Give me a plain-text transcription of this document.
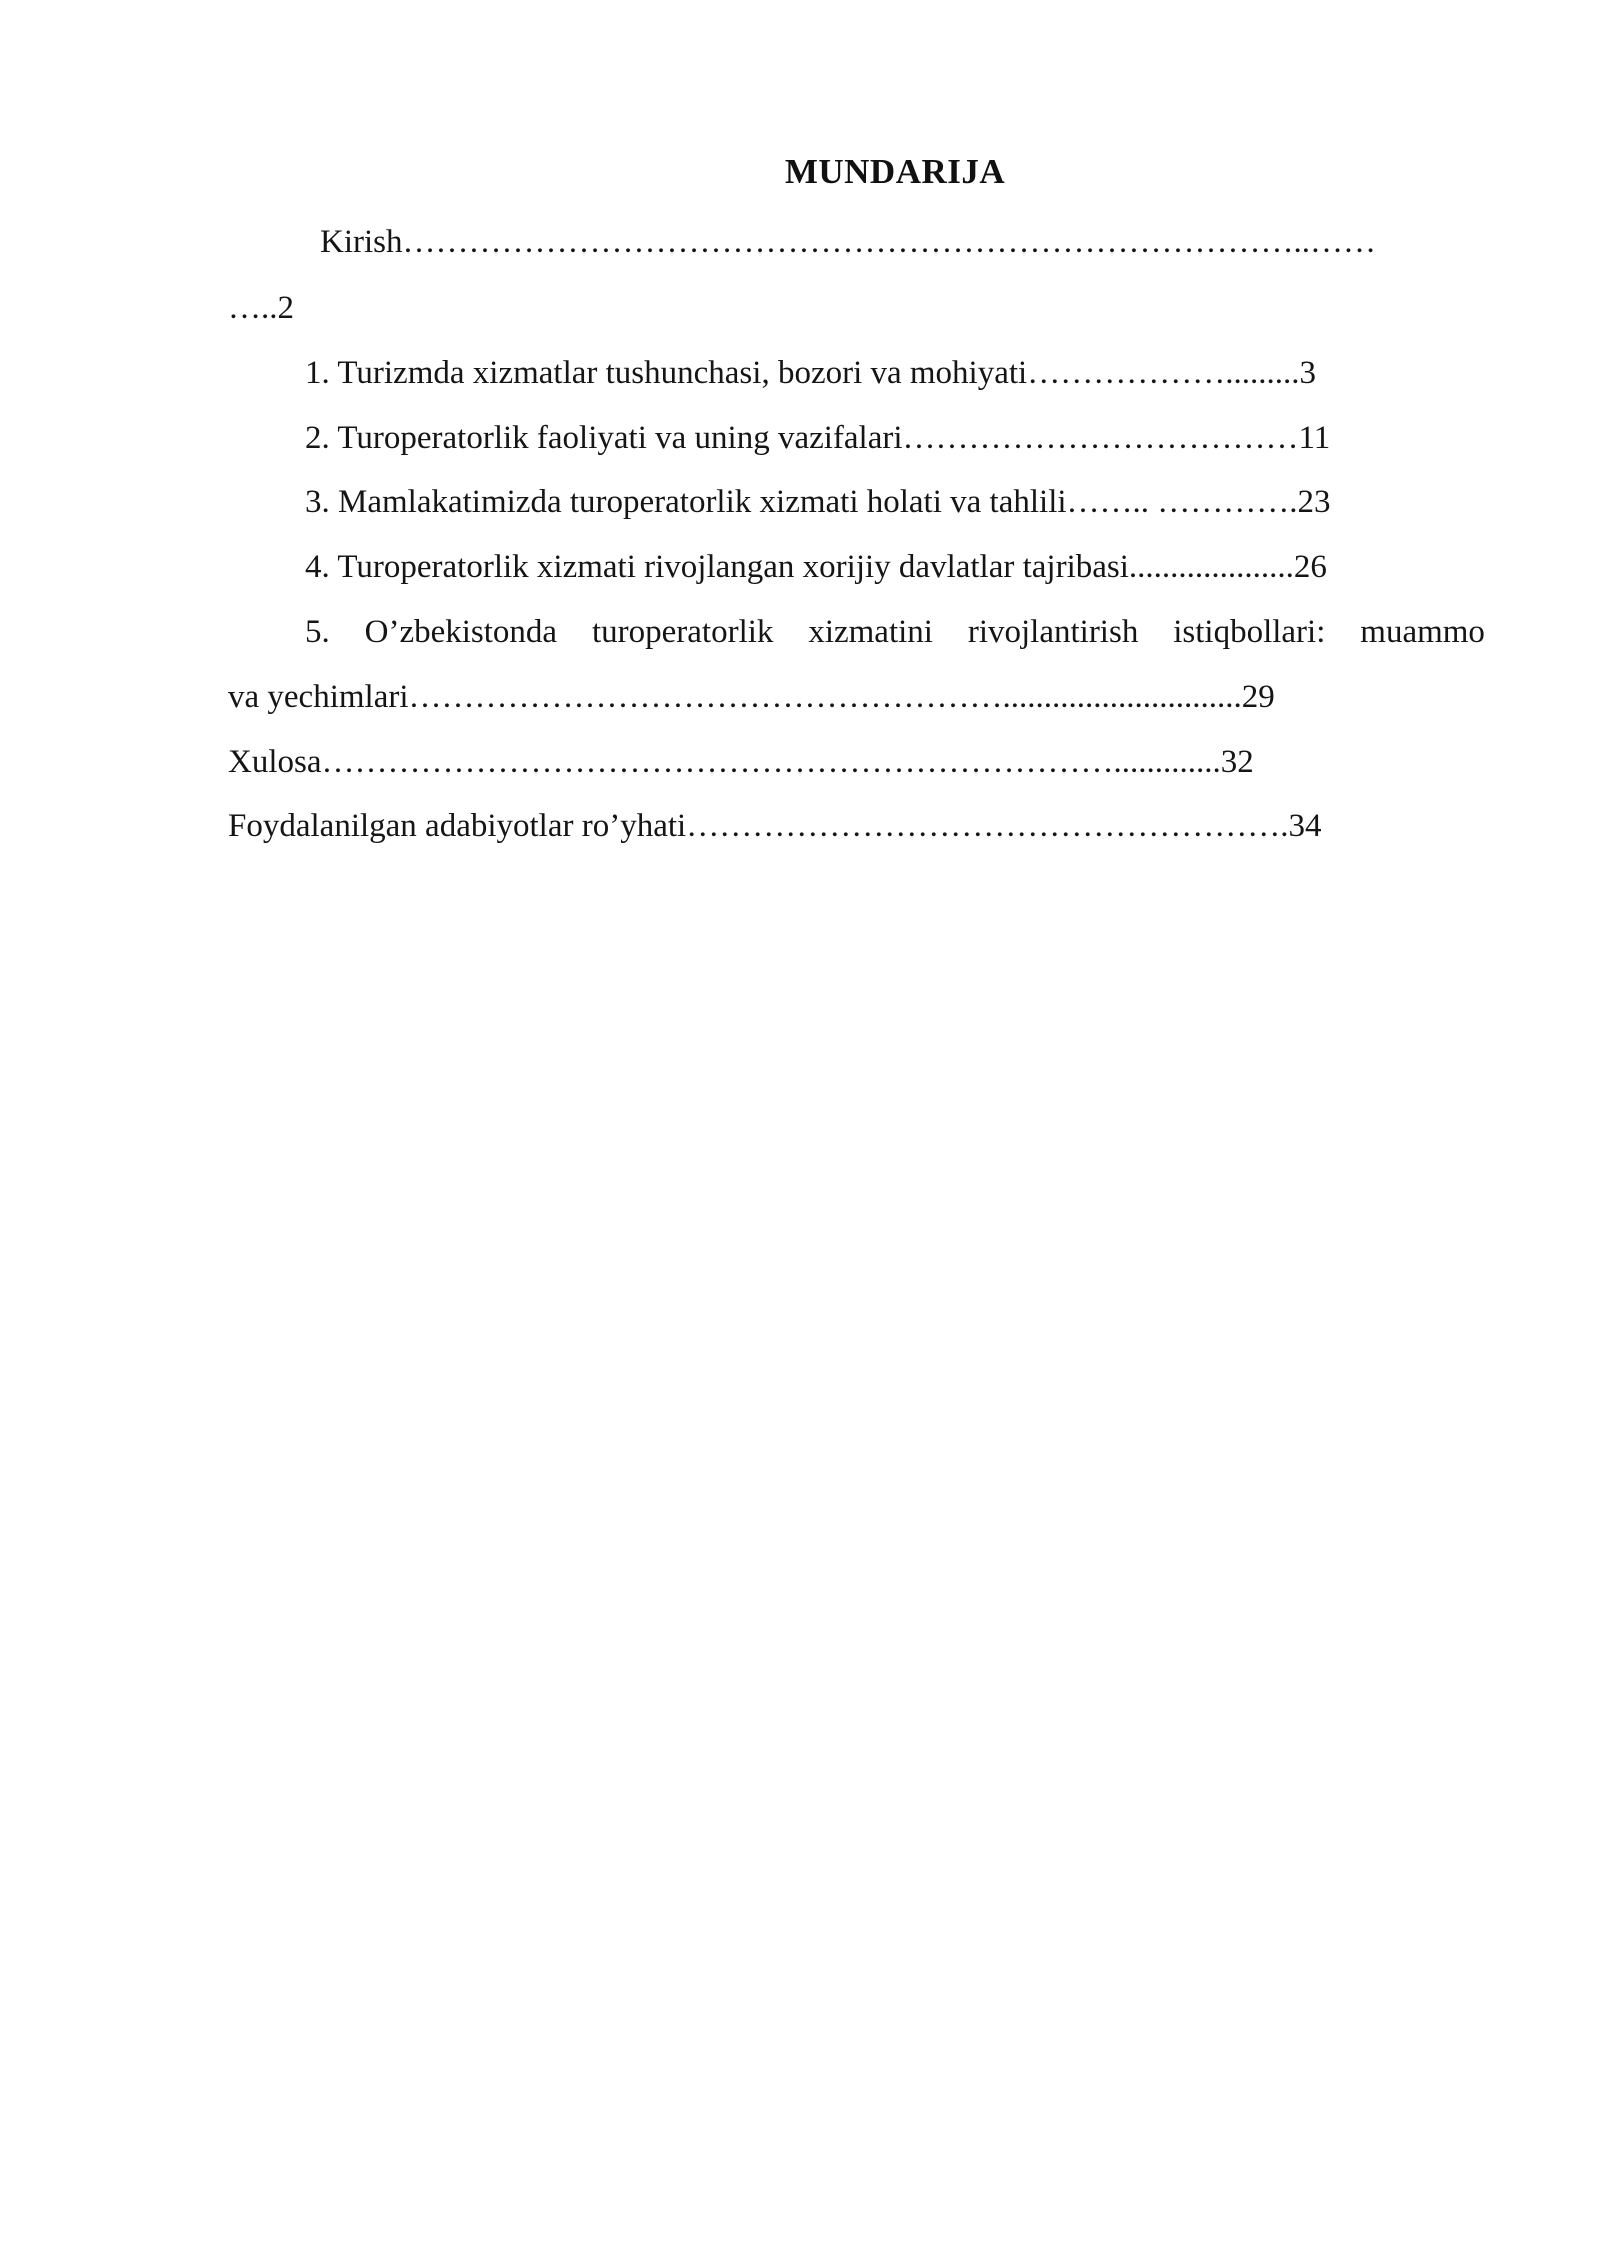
MUNDARIJA
Kirish………………………………………………………………………..……
…..2
1. Turizmda xizmatlar tushunchasi, bozori va mohiyati……………….........3
2. Turoperatorlik faoliyati va uning vazifalari………………………………11
3. Mamlakatimizda turoperatorlik xizmati holati va tahlili…….. ………….23
4. Turoperatorlik xizmati rivojlangan xorijiy davlatlar tajribasi....................26
5. O’zbekistonda turoperatorlik xizmatini rivojlantirish istiqbollari: muammo
va yechimlari……………………………………………….............................29
Xulosa……………………………………………………………….............32
Foydalanilgan adabiyotlar ro’yhati……………………………………………….34
